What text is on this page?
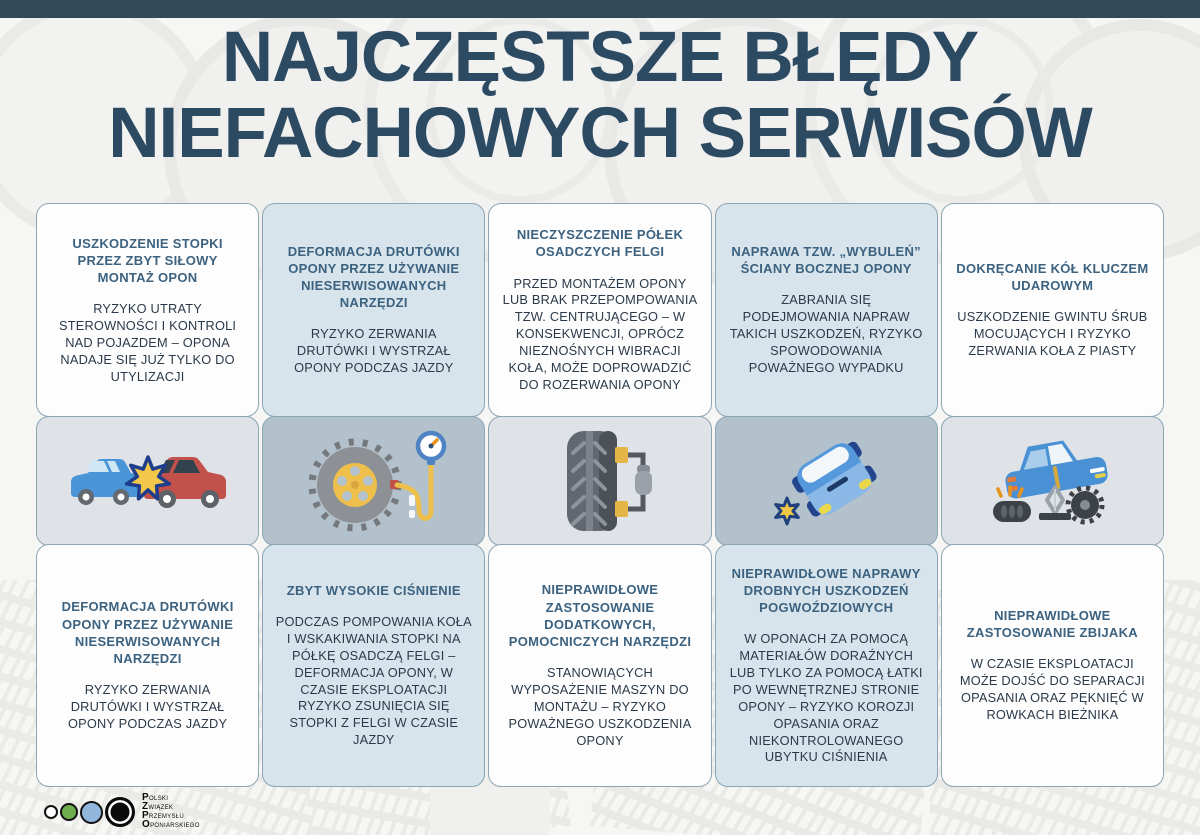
NAJCZĘSTSZE BŁĘDY
NIEFACHOWYCH SERWISÓW
USZKODZENIE STOPKI PRZEZ ZBYT SIŁOWY MONTAŻ OPON
RYZYKO UTRATY STEROWNOŚCI I KONTROLI NAD POJAZDEM – OPONA NADAJE SIĘ JUŻ TYLKO DO UTYLIZACJI
DEFORMACJA DRUTÓWKI OPONY PRZEZ UŻYWANIE NIESERWISOWANYCH NARZĘDZI
RYZYKO ZERWANIA DRUTÓWKI I WYSTRZAŁ OPONY PODCZAS JAZDY
DEFORMACJA DRUTÓWKI OPONY PRZEZ UŻYWANIE NIESERWISOWANYCH NARZĘDZI
RYZYKO ZERWANIA DRUTÓWKI I WYSTRZAŁ OPONY PODCZAS JAZDY
ZBYT WYSOKIE CIŚNIENIE
PODCZAS POMPOWANIA KOŁA I WSKAKIWANIA STOPKI NA PÓŁKĘ OSADCZĄ FELGI – DEFORMACJA OPONY, W CZASIE EKSPLOATACJI RYZYKO ZSUNIĘCIA SIĘ STOPKI Z FELGI W CZASIE JAZDY
NIECZYSZCZENIE PÓŁEK OSADCZYCH FELGI
PRZED MONTAŻEM OPONY LUB BRAK PRZEPOMPOWANIA TZW. CENTRUJĄCEGO – W KONSEKWENCJI, OPRÓCZ NIEZNOŚNYCH WIBRACJI KOŁA, MOŻE DOPROWADZIĆ DO ROZERWANIA OPONY
NIEPRAWIDŁOWE ZASTOSOWANIE DODATKOWYCH, POMOCNICZYCH NARZĘDZI
STANOWIĄCYCH WYPOSAŻENIE MASZYN DO MONTAŻU – RYZYKO POWAŻNEGO USZKODZENIA OPONY
NAPRAWA TZW. „WYBULEŃ” ŚCIANY BOCZNEJ OPONY
ZABRANIA SIĘ PODEJMOWANIA NAPRAW TAKICH USZKODZEŃ, RYZYKO SPOWODOWANIA POWAŻNEGO WYPADKU
NIEPRAWIDŁOWE NAPRAWY DROBNYCH USZKODZEŃ POGWOŹDZIOWYCH
W OPONACH ZA POMOCĄ MATERIAŁÓW DORAŹNYCH LUB TYLKO ZA POMOCĄ ŁATKI PO WEWNĘTRZNEJ STRONIE OPONY – RYZYKO KOROZJI OPASANIA ORAZ NIEKONTROLOWANEGO UBYTKU CIŚNIENIA
DOKRĘCANIE KÓŁ KLUCZEM UDAROWYM
USZKODZENIE GWINTU ŚRUB MOCUJĄCYCH I RYZYKO ZERWANIA KOŁA Z PIASTY
NIEPRAWIDŁOWE ZASTOSOWANIE ZBIJAKA
W CZASIE EKSPLOATACJI MOŻE DOJŚĆ DO SEPARACJI OPASANIA ORAZ PĘKNIĘĆ W ROWKACH BIEŻNIKA
POLSKI
ZWIĄZEK
PRZEMYSŁU
OPONIARSKIEGO
